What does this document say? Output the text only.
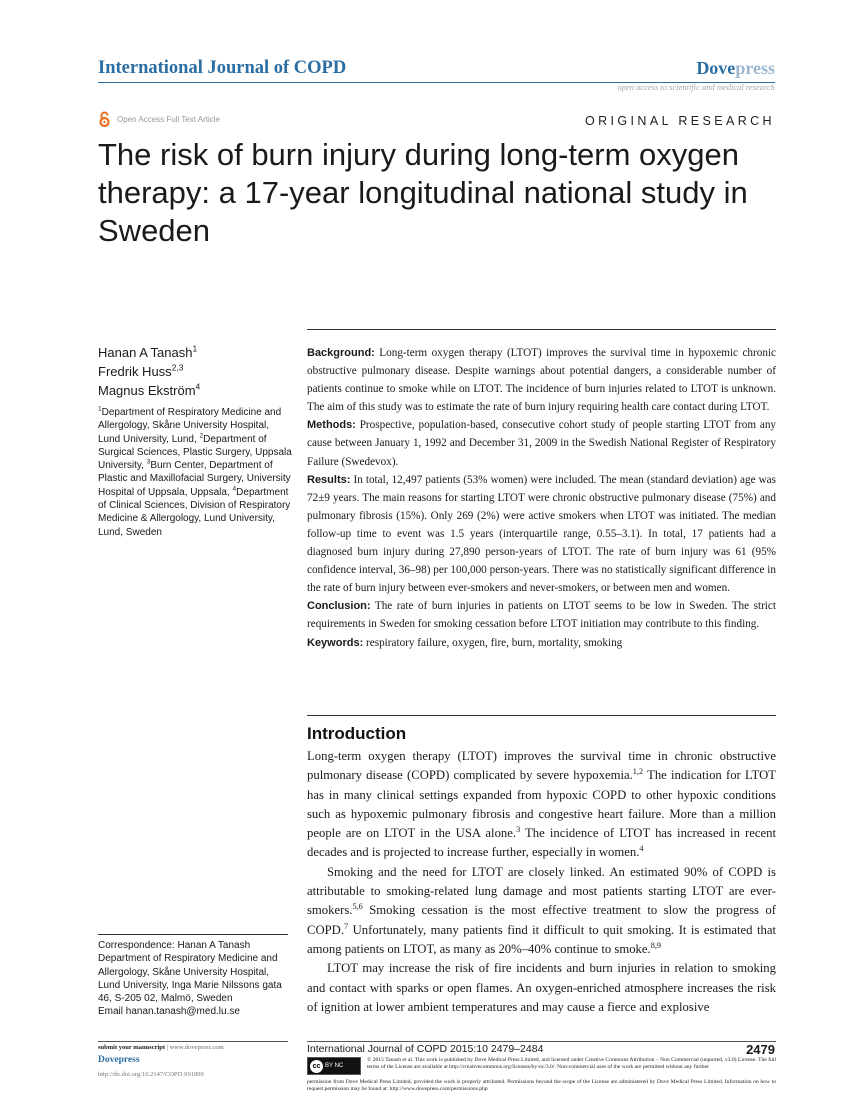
International Journal of COPD	Dovepress
open access to scientific and medical research
Open Access Full Text Article	ORIGINAL RESEARCH
The risk of burn injury during long-term oxygen therapy: a 17-year longitudinal national study in Sweden
Hanan A Tanash$^1$
Fredrik Huss$^{2,3}$
Magnus Ekström$^4$

$^1$Department of Respiratory Medicine and Allergology, Skåne University Hospital, Lund University, Lund, $^2$Department of Surgical Sciences, Plastic Surgery, Uppsala University, $^3$Burn Center, Department of Plastic and Maxillofacial Surgery, University Hospital of Uppsala, Uppsala, $^4$Department of Clinical Sciences, Division of Respiratory Medicine & Allergology, Lund University, Lund, Sweden

Background: Long-term oxygen therapy (LTOT) improves the survival time in hypoxemic chronic obstructive pulmonary disease. Despite warnings about potential dangers, a considerable number of patients continue to smoke while on LTOT. The incidence of burn injuries related to LTOT is unknown. The aim of this study was to estimate the rate of burn injury requiring health care contact during LTOT.

Methods: Prospective, population-based, consecutive cohort study of people starting LTOT from any cause between January 1, 1992 and December 31, 2009 in the Swedish National Register of Respiratory Failure (Swedevox).

Results: In total, 12,497 patients (53% women) were included. The mean (standard deviation) age was 72±9 years. The main reasons for starting LTOT were chronic obstructive pulmonary disease (75%) and pulmonary fibrosis (15%). Only 269 (2%) were active smokers when LTOT was initiated. The median follow-up time to event was 1.5 years (interquartile range, 0.55–3.1). In total, 17 patients had a diagnosed burn injury during 27,890 person-years of LTOT. The rate of burn injury was 61 (95% confidence interval, 36–98) per 100,000 person-years. There was no statistically significant difference in the rate of burn injury between ever-smokers and never-smokers, or between men and women.

Conclusion: The rate of burn injuries in patients on LTOT seems to be low in Sweden. The strict requirements in Sweden for smoking cessation before LTOT initiation may contribute to this finding.

Keywords: respiratory failure, oxygen, fire, burn, mortality, smoking

Introduction

Long-term oxygen therapy (LTOT) improves the survival time in chronic obstructive pulmonary disease (COPD) complicated by severe hypoxemia.$^{1,2}$ The indication for LTOT has in many clinical settings expanded from hypoxic COPD to other hypoxic conditions such as hypoxemic pulmonary fibrosis and congestive heart failure. More than a million people are on LTOT in the USA alone.$^3$ The incidence of LTOT has increased in recent decades and is projected to increase further, especially in women.$^4$

Smoking and the need for LTOT are closely linked. An estimated 90% of COPD is attributable to smoking-related lung damage and most patients starting LTOT are ever-smokers.$^{5,6}$ Smoking cessation is the most effective treatment to slow the progress of COPD.$^7$ Unfortunately, many patients find it difficult to quit smoking. It is estimated that among patients on LTOT, as many as 20%–40% continue to smoke.$^{8,9}$

LTOT may increase the risk of fire incidents and burn injuries in relation to smoking and contact with sparks or open flames. An oxygen-enriched atmosphere increases the risk of ignition at lower ambient temperatures and may cause a fierce and explosive

Correspondence: Hanan A Tanash Department of Respiratory Medicine and Allergology, Skåne University Hospital, Lund University, Inga Marie Nilssons gata 46, S-205 02, Malmö, Sweden

Email hanan.tanash@med.lu.se

submit your manuscript | www.dovepress.com
Dovepress
http://dx.doi.org/10.2147/COPD.S91899
International Journal of COPD 2015:10 2479–2484	2479
cc BY NC
© 2015 Tanash et al. This work is published by Dove Medical Press Limited, and licensed under Creative Commons Attribution – Non Commercial (unported, v3.0) License. The full terms of the License are available at http://creativecommons.org/licenses/by-nc/3.0/. Non-commercial uses of the work are permitted without any further
permission from Dove Medical Press Limited, provided the work is properly attributed. Permissions beyond the scope of the License are administered by Dove Medical Press Limited. Information on how to request permission may be found at: http://www.dovepress.com/permissions.php
